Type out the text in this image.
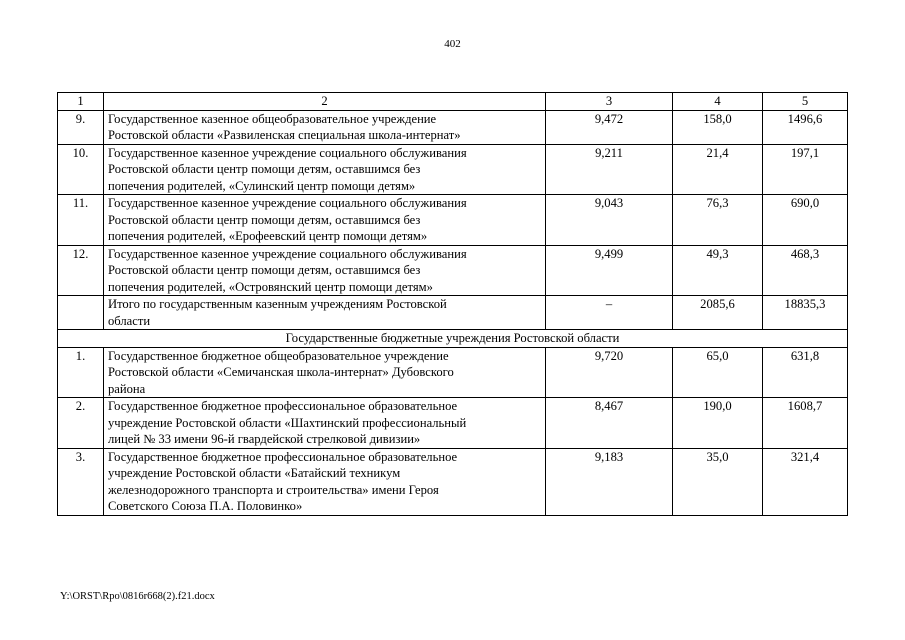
402
1	2	3	4	5
9.	Государственное казенное общеобразовательное учреждение
Ростовской области «Развиленская специальная школа-интернат»	9,472	158,0	1496,6
10.	Государственное казенное учреждение социального обслуживания
Ростовской области центр помощи детям, оставшимся без
попечения родителей, «Сулинский центр помощи детям»	9,211	21,4	197,1
11.	Государственное казенное учреждение социального обслуживания
Ростовской области центр помощи детям, оставшимся без
попечения родителей, «Ерофеевский центр помощи детям»	9,043	76,3	690,0
12.	Государственное казенное учреждение социального обслуживания
Ростовской области центр помощи детям, оставшимся без
попечения родителей, «Островянский центр помощи детям»	9,499	49,3	468,3

	Итого по государственным казенным учреждениям Ростовской
области	–	2085,6	18835,3
Государственные бюджетные учреждения Ростовской области				
1.	Государственное бюджетное общеобразовательное учреждение
Ростовской области «Семичанская школа-интернат» Дубовского
района	9,720	65,0	631,8
2.	Государственное бюджетное профессиональное образовательное
учреждение Ростовской области «Шахтинский профессиональный
лицей № 33 имени 96-й гвардейской стрелковой дивизии»	8,467	190,0	1608,7
3.	Государственное бюджетное профессиональное образовательное
учреждение Ростовской области «Батайский техникум
железнодорожного транспорта и строительства» имени Героя
Советского Союза П.А. Половинко»	9,183	35,0	321,4
Y:\ORST\Rpo\0816r668(2).f21.docx
